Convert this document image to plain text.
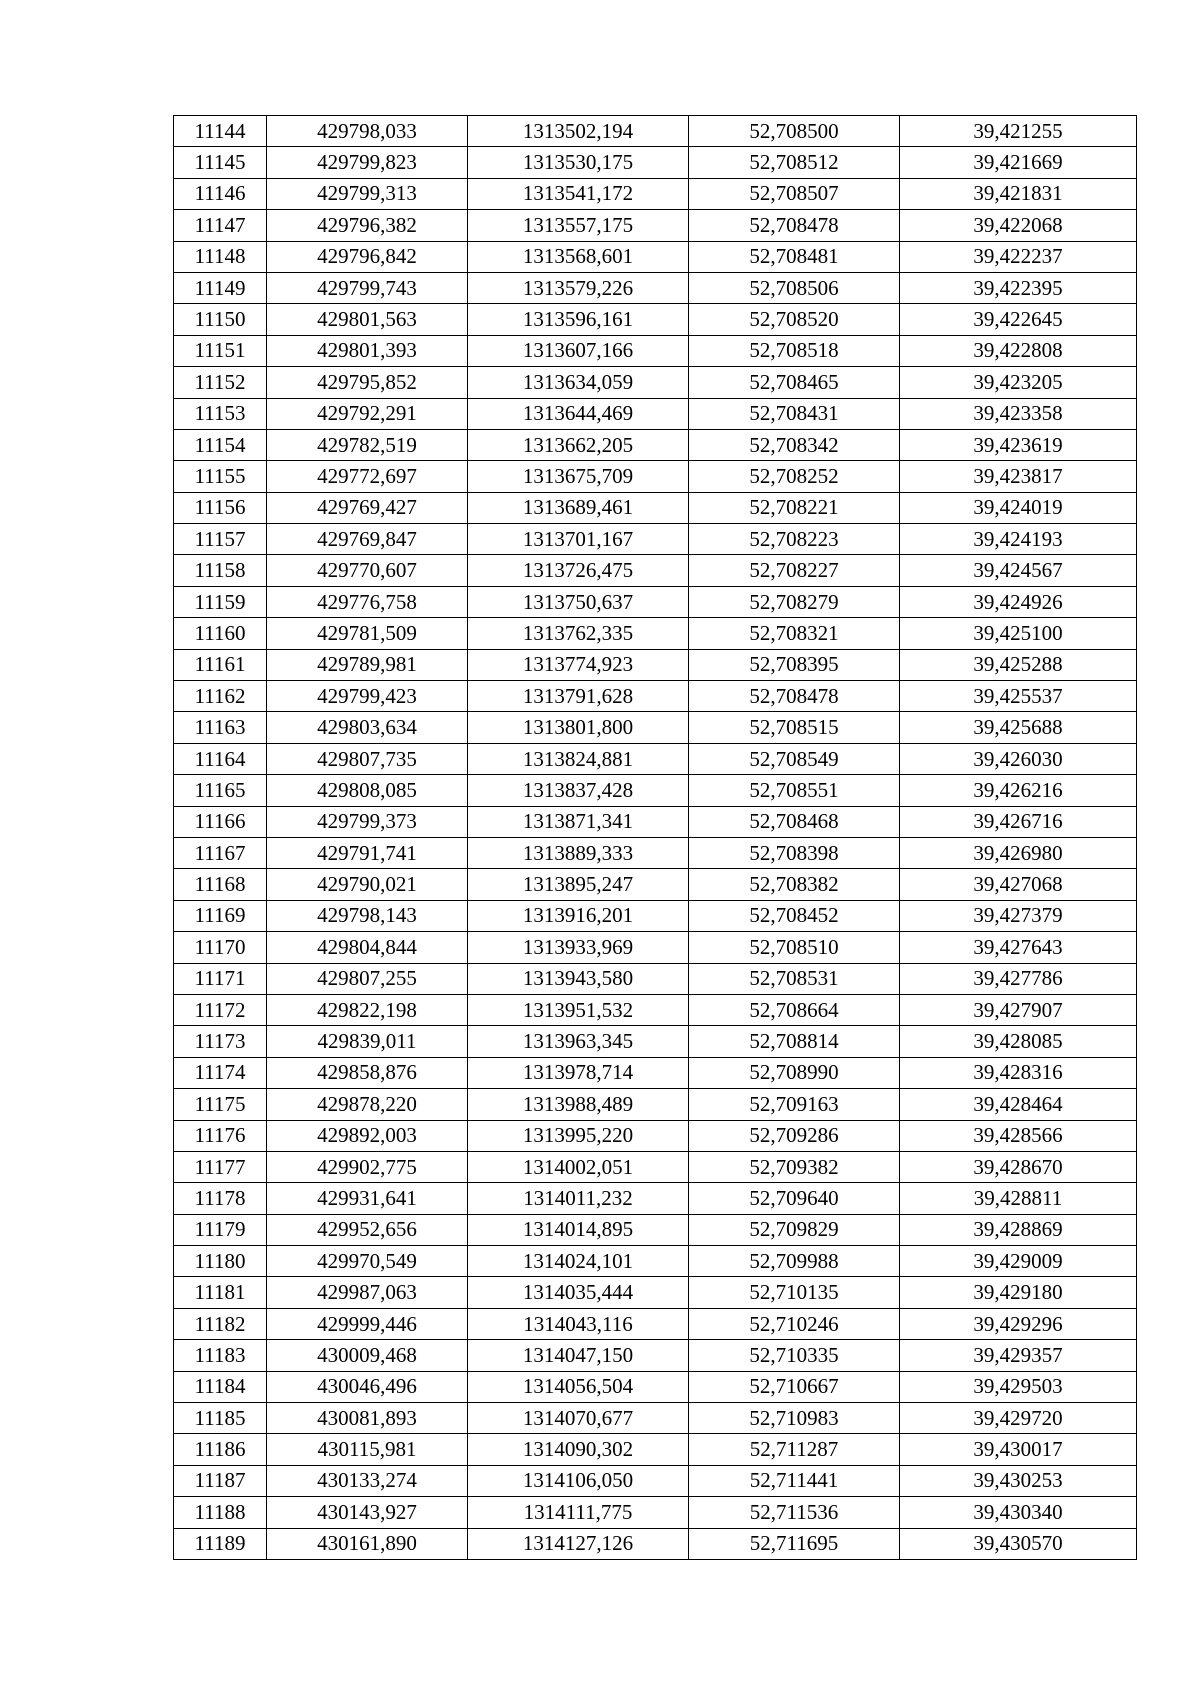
11144	429798,033	1313502,194	52,708500	39,421255
11145	429799,823	1313530,175	52,708512	39,421669
11146	429799,313	1313541,172	52,708507	39,421831
11147	429796,382	1313557,175	52,708478	39,422068
11148	429796,842	1313568,601	52,708481	39,422237
11149	429799,743	1313579,226	52,708506	39,422395
11150	429801,563	1313596,161	52,708520	39,422645
11151	429801,393	1313607,166	52,708518	39,422808
11152	429795,852	1313634,059	52,708465	39,423205
11153	429792,291	1313644,469	52,708431	39,423358
11154	429782,519	1313662,205	52,708342	39,423619
11155	429772,697	1313675,709	52,708252	39,423817
11156	429769,427	1313689,461	52,708221	39,424019
11157	429769,847	1313701,167	52,708223	39,424193
11158	429770,607	1313726,475	52,708227	39,424567
11159	429776,758	1313750,637	52,708279	39,424926
11160	429781,509	1313762,335	52,708321	39,425100
11161	429789,981	1313774,923	52,708395	39,425288
11162	429799,423	1313791,628	52,708478	39,425537
11163	429803,634	1313801,800	52,708515	39,425688
11164	429807,735	1313824,881	52,708549	39,426030
11165	429808,085	1313837,428	52,708551	39,426216
11166	429799,373	1313871,341	52,708468	39,426716
11167	429791,741	1313889,333	52,708398	39,426980
11168	429790,021	1313895,247	52,708382	39,427068
11169	429798,143	1313916,201	52,708452	39,427379
11170	429804,844	1313933,969	52,708510	39,427643
11171	429807,255	1313943,580	52,708531	39,427786
11172	429822,198	1313951,532	52,708664	39,427907
11173	429839,011	1313963,345	52,708814	39,428085
11174	429858,876	1313978,714	52,708990	39,428316
11175	429878,220	1313988,489	52,709163	39,428464
11176	429892,003	1313995,220	52,709286	39,428566
11177	429902,775	1314002,051	52,709382	39,428670
11178	429931,641	1314011,232	52,709640	39,428811
11179	429952,656	1314014,895	52,709829	39,428869
11180	429970,549	1314024,101	52,709988	39,429009
11181	429987,063	1314035,444	52,710135	39,429180
11182	429999,446	1314043,116	52,710246	39,429296
11183	430009,468	1314047,150	52,710335	39,429357
11184	430046,496	1314056,504	52,710667	39,429503
11185	430081,893	1314070,677	52,710983	39,429720
11186	430115,981	1314090,302	52,711287	39,430017
11187	430133,274	1314106,050	52,711441	39,430253
11188	430143,927	1314111,775	52,711536	39,430340
11189	430161,890	1314127,126	52,711695	39,430570
